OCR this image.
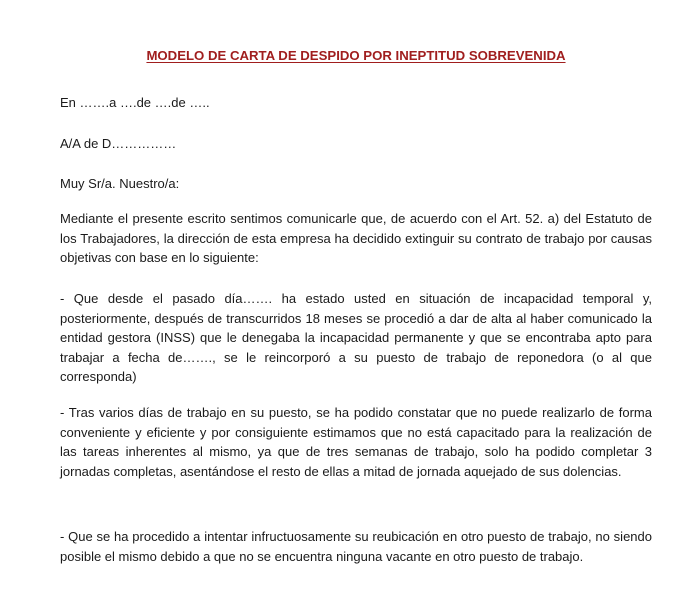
MODELO DE CARTA DE DESPIDO POR INEPTITUD SOBREVENIDA
En …….a ….de ….de …..
A/A de D……………
Muy Sr/a. Nuestro/a:
Mediante el presente escrito sentimos comunicarle que, de acuerdo con el Art. 52. a) del Estatuto de los Trabajadores, la dirección de esta empresa ha decidido extinguir su contrato de trabajo por causas objetivas con base en lo siguiente:
- Que desde el pasado día……. ha estado usted en situación de incapacidad temporal y, posteriormente, después de transcurridos 18 meses se procedió a dar de alta al haber comunicado la entidad gestora (INSS) que le denegaba la incapacidad permanente y que se encontraba apto para trabajar a fecha de……., se le reincorporó a su puesto de trabajo de reponedora (o al que corresponda)
- Tras varios días de trabajo en su puesto, se ha podido constatar que no puede realizarlo de forma conveniente y eficiente y por consiguiente estimamos que no está capacitado para la realización de las tareas inherentes al mismo, ya que de tres semanas de trabajo, solo ha podido completar 3 jornadas completas, asentándose el resto de ellas a mitad de jornada aquejado de sus dolencias.
- Que se ha procedido a intentar infructuosamente su reubicación en otro puesto de trabajo, no siendo posible el mismo debido a que no se encuentra ninguna vacante en otro puesto de trabajo.
